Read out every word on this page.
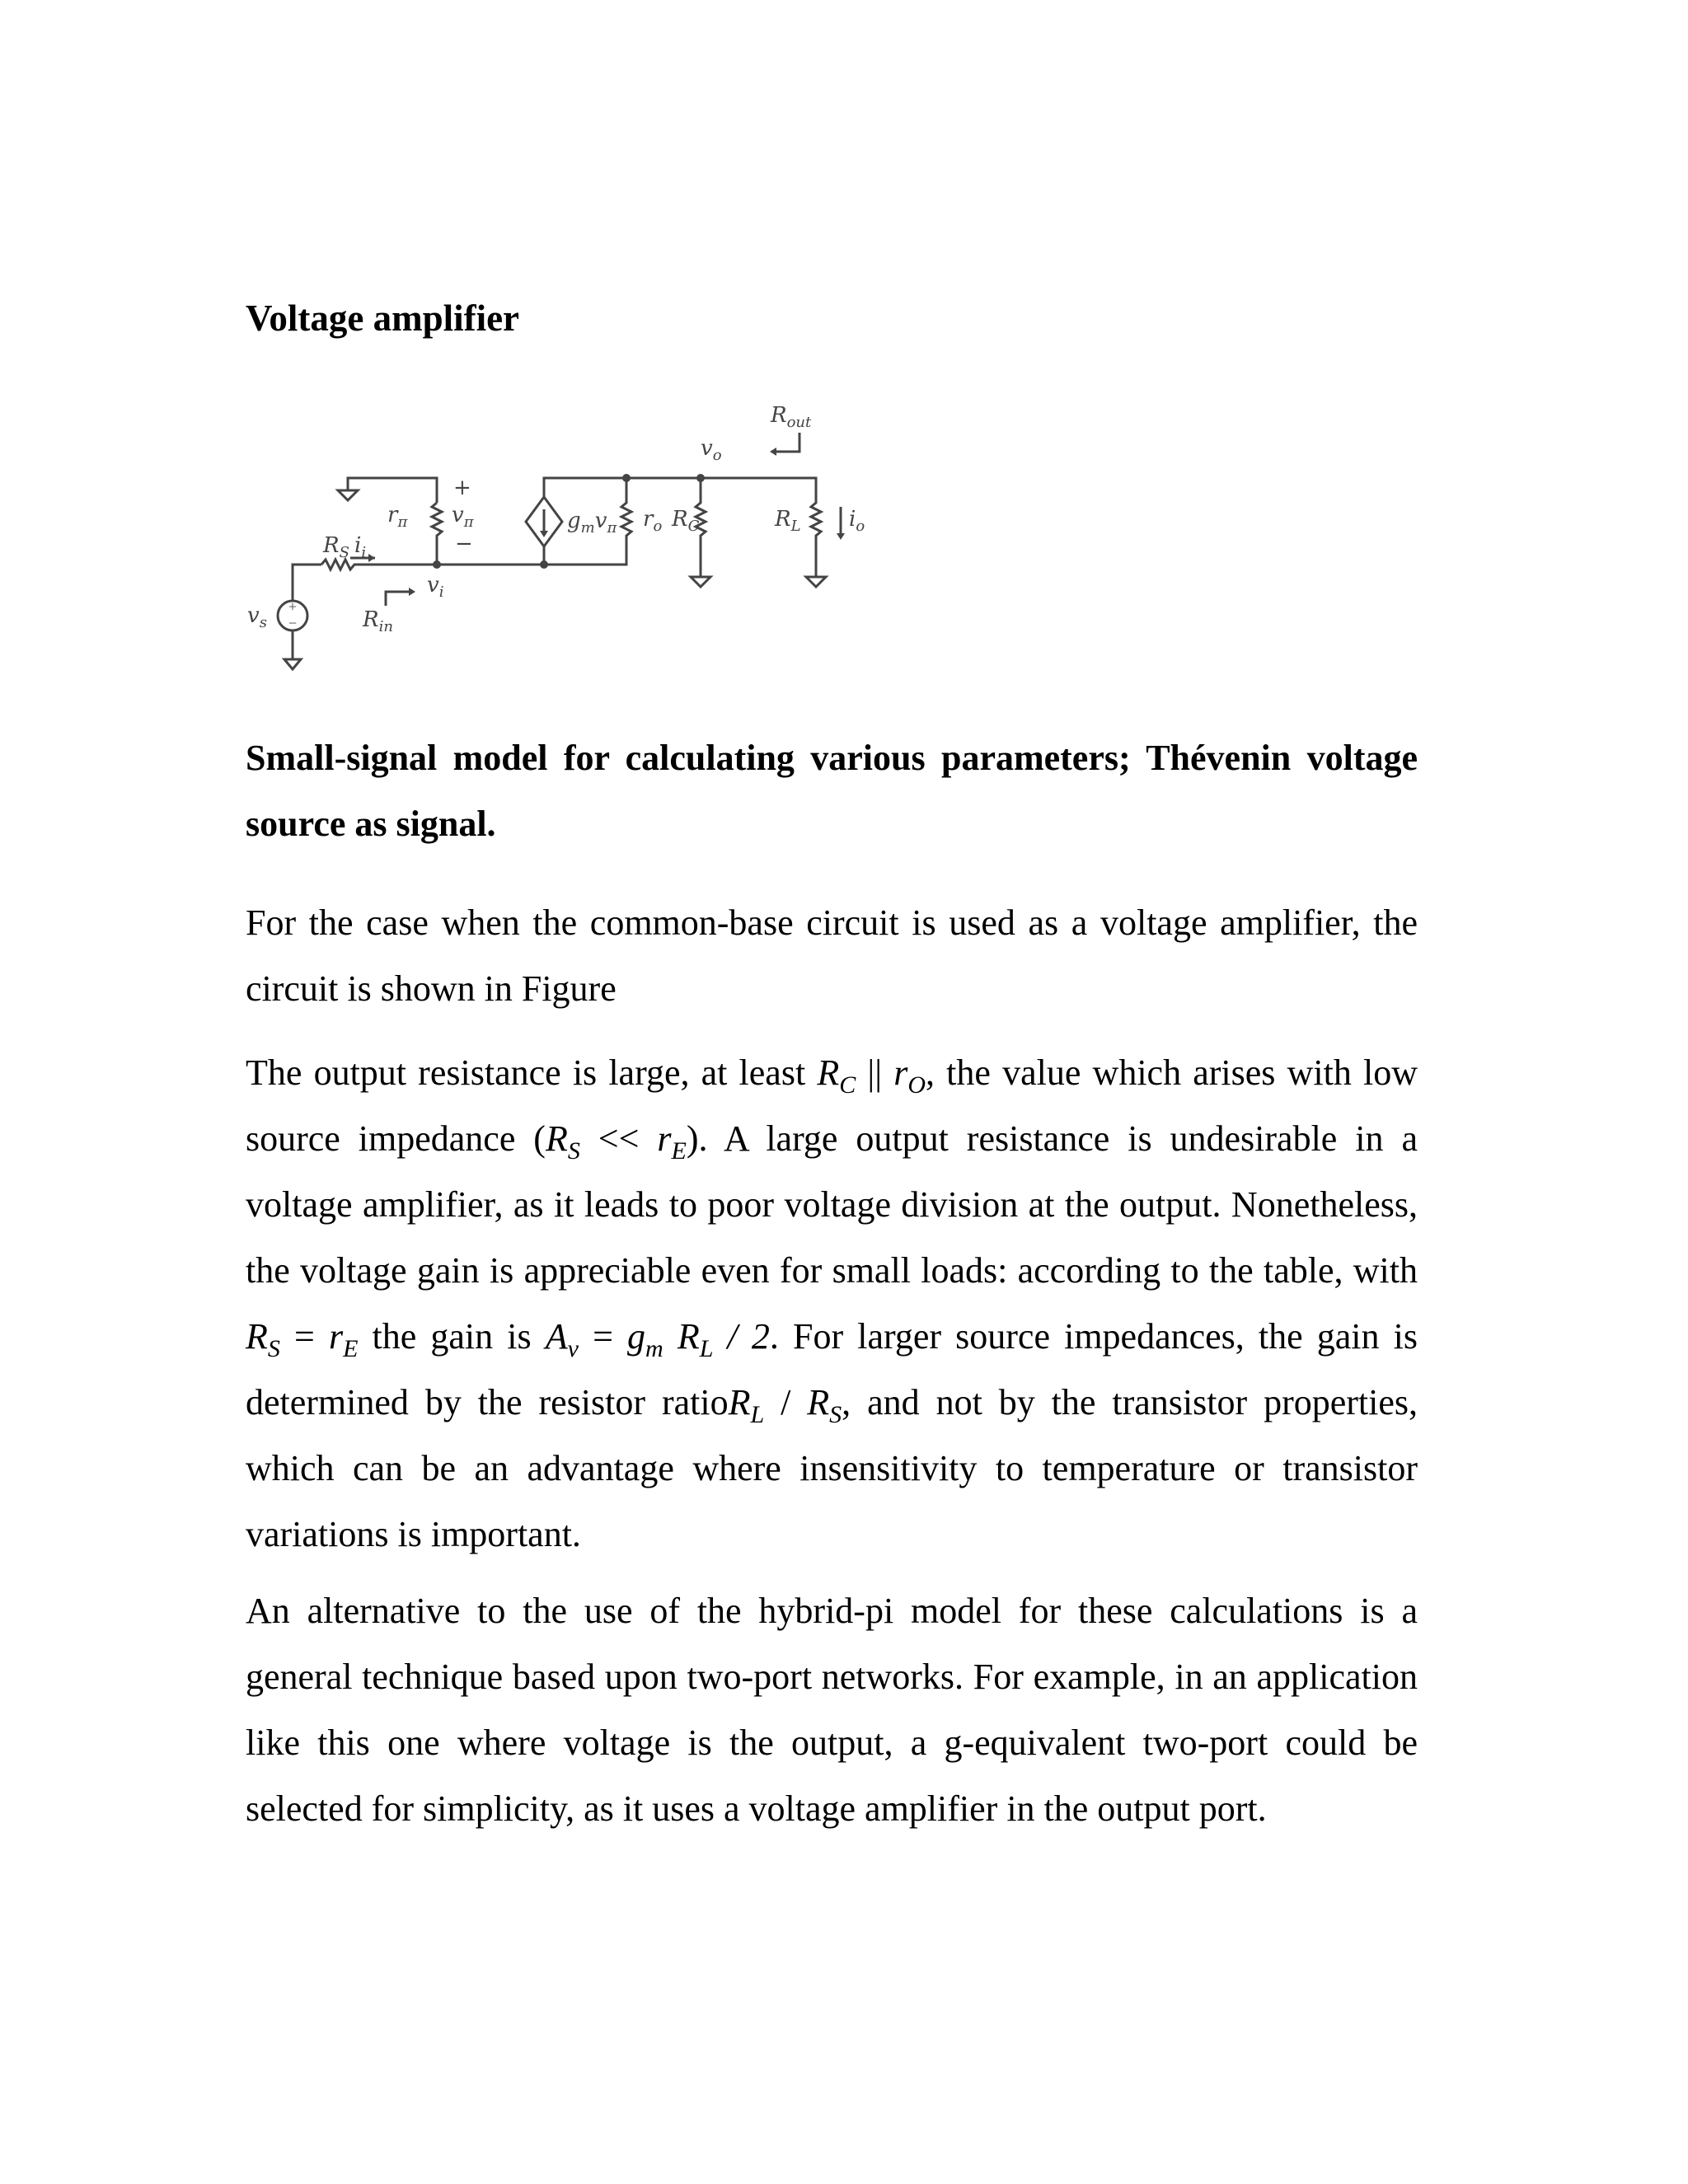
Voltage amplifier
+
−
$v_s$
$R_S$ $i_i$
$R_{in}$
$r_\pi$
+
$v_\pi$
−
$v_i$
$g_mv_\pi$ $r_o$ $R_C$
$v_o$
$R_{out}$
$R_L$ $i_o$

Small-signal model for calculating various parameters; Thévenin voltage source as signal.

For the case when the common-base circuit is used as a voltage amplifier, the circuit is shown in Figure

The output resistance is large, at least $R_C$ || $r_O$, the value which arises with low source impedance $(R_S << r_E)$. A large output resistance is undesirable in a voltage amplifier, as it leads to poor voltage division at the output. Nonetheless, the voltage gain is appreciable even for small loads: according to the table, with $R_S = r_E$ the gain is $A_v = g_m$ $R_L / 2$. For larger source impedances, the gain is determined by the resistor ratioR$_L$ / $R_S$, and not by the transistor properties, which can be an advantage where insensitivity to temperature or transistor variations is important.

An alternative to the use of the hybrid-pi model for these calculations is a general technique based upon two-port networks. For example, in an application like this one where voltage is the output, a g-equivalent two-port could be selected for simplicity, as it uses a voltage amplifier in the output port.
